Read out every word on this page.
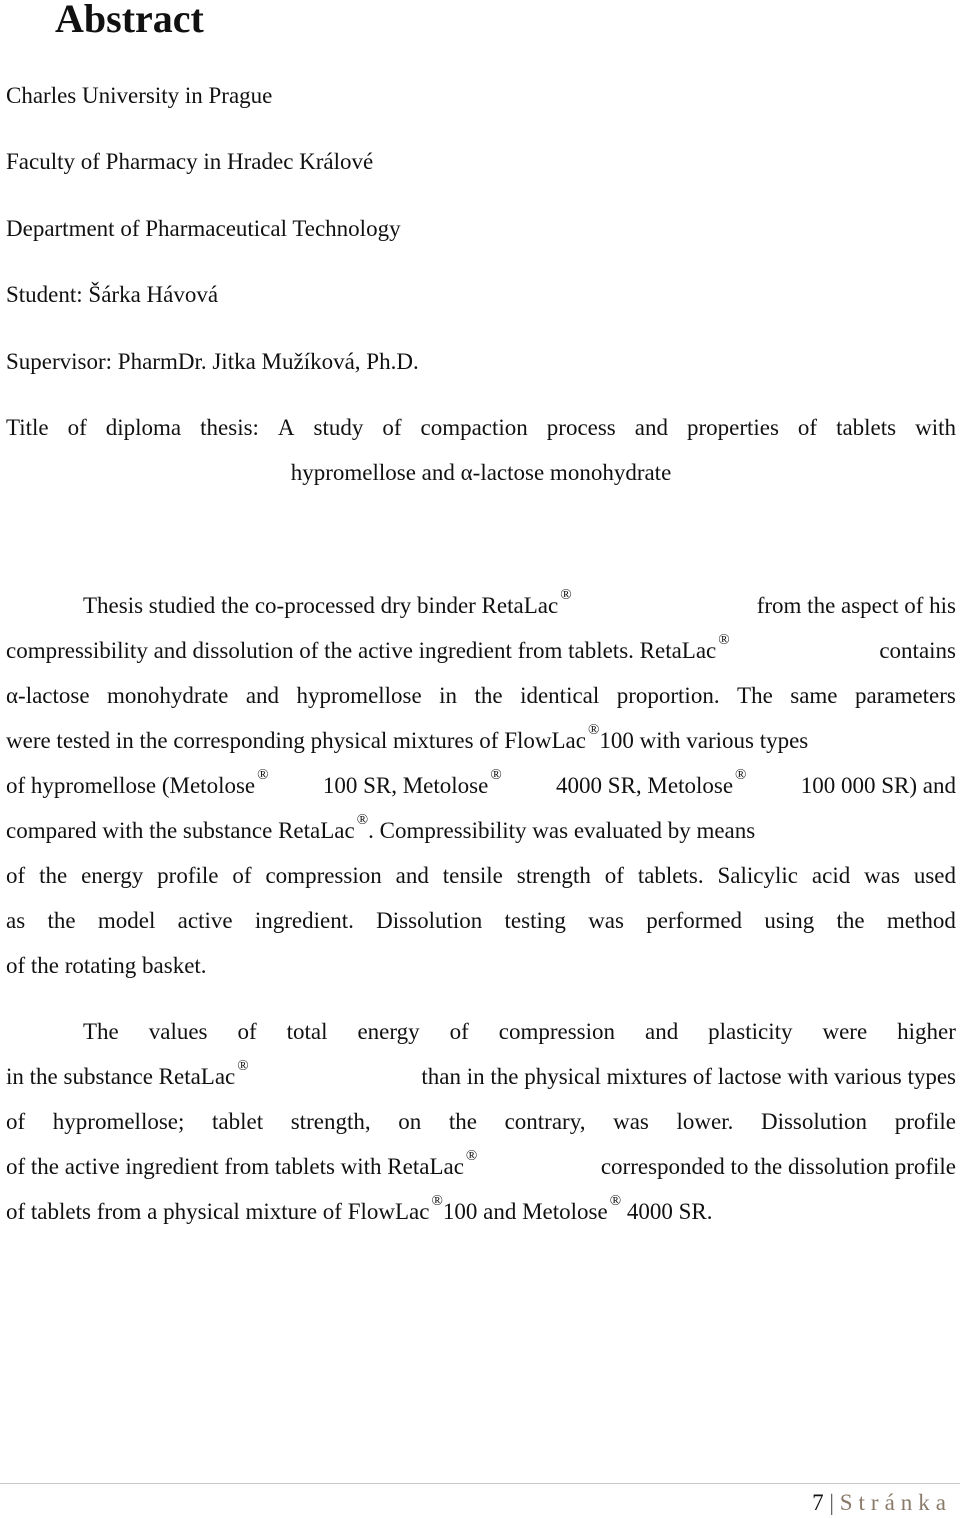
Abstract
Charles University in Prague
Faculty of Pharmacy in Hradec Králové
Department of Pharmaceutical Technology
Student: Šárka Hávová
Supervisor: PharmDr. Jitka Mužíková, Ph.D.
Title of diploma thesis: A study of compaction process and properties of tablets with
hypromellose and α-lactose monohydrate
Thesis studied the co-processed dry binder RetaLac ®	from the aspect of his
compressibility and dissolution of the active ingredient from tablets. RetaLac ®	contains
α-lactose monohydrate and hypromellose in the identical proportion. The same parameters
were tested in the corresponding physical mixtures of FlowLac ®100 with various types
of hypromellose (Metolose ® 100 SR, Metolose ® 4000 SR, Metolose ® 100 000 SR) and
compared with the substance RetaLac ®. Compressibility was evaluated by means
of the energy profile of compression and tensile strength of tablets. Salicylic acid was used
as the model active ingredient. Dissolution testing was performed using the method
of the rotating basket.
The values of total energy of compression and plasticity were higher
in the substance RetaLac ®	than in the physical mixtures of lactose with various types
of hypromellose; tablet strength, on the contrary, was lower. Dissolution profile
of the active ingredient from tablets with RetaLac ®	corresponded to the dissolution profile
of tablets from a physical mixture of FlowLac ®100 and Metolose ® 4000 SR.
7 | Stránka
